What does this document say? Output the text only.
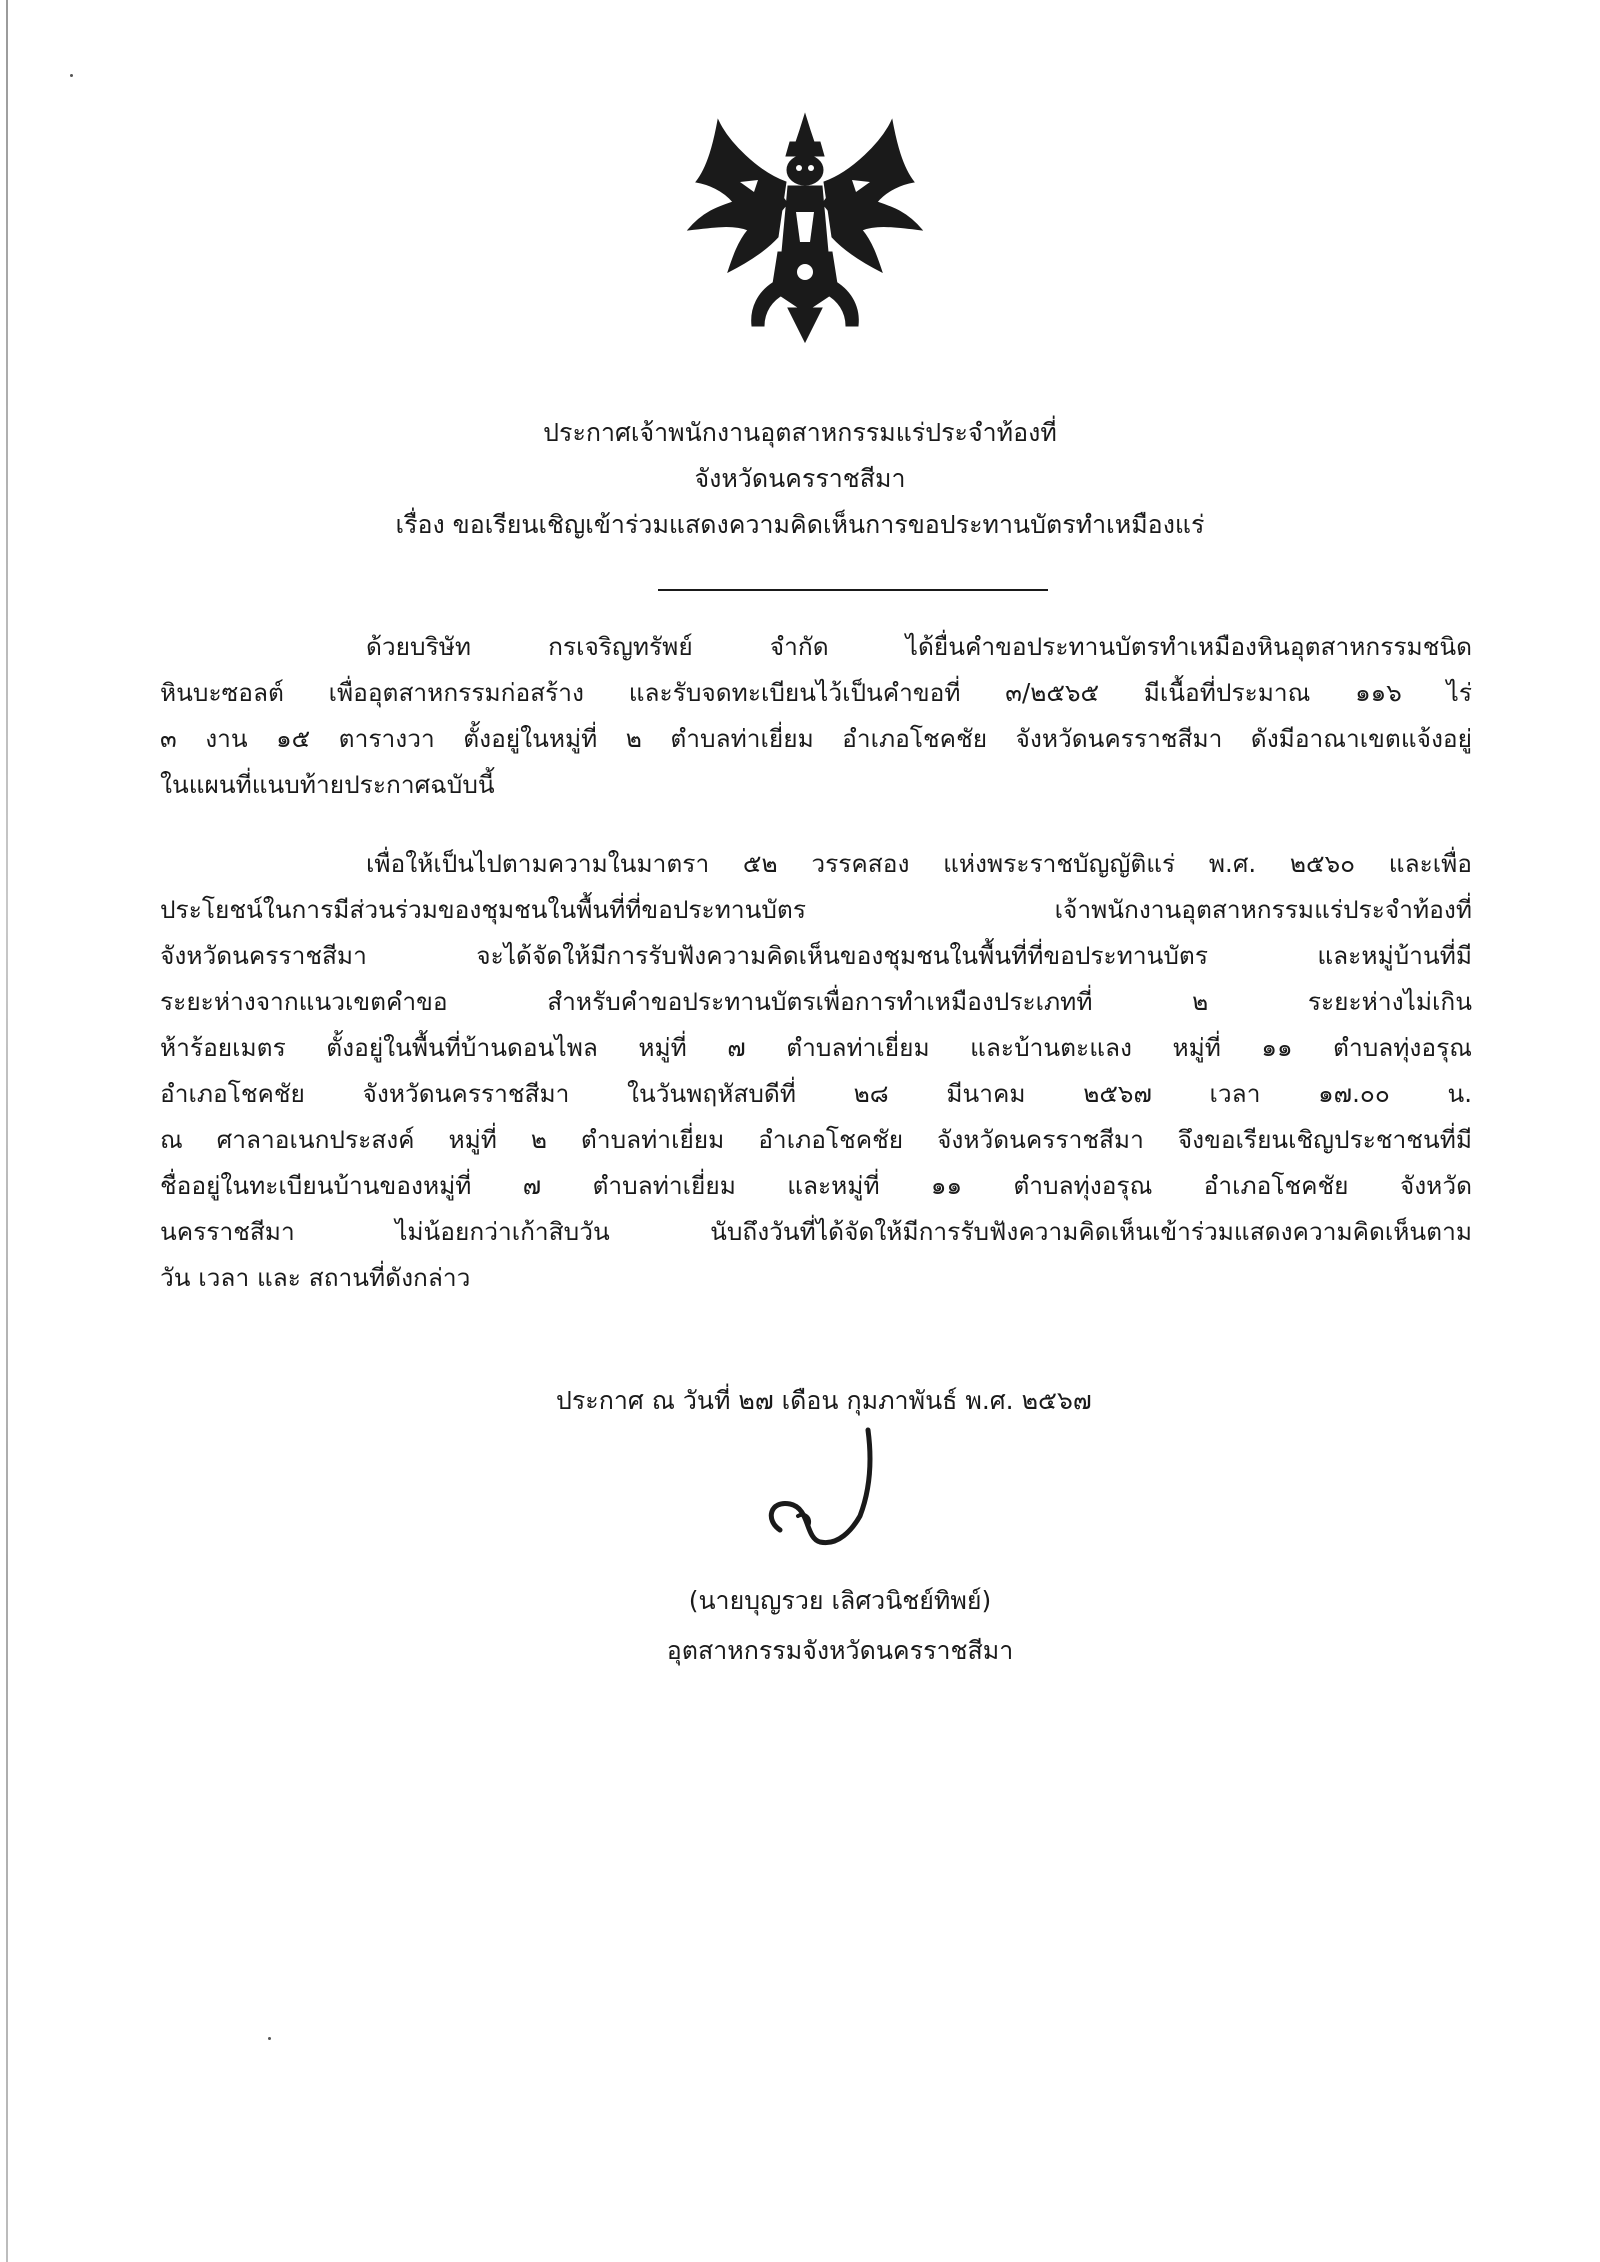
ประกาศเจ้าพนักงานอุตสาหกรรมแร่ประจำท้องที่
จังหวัดนครราชสีมา
เรื่อง ขอเรียนเชิญเข้าร่วมแสดงความคิดเห็นการขอประทานบัตรทำเหมืองแร่
ด้วยบริษัท กรเจริญทรัพย์ จำกัด ได้ยื่นคำขอประทานบัตรทำเหมืองหินอุตสาหกรรมชนิด
หินบะซอลต์ เพื่ออุตสาหกรรมก่อสร้าง และรับจดทะเบียนไว้เป็นคำขอที่ ๓/๒๕๖๕ มีเนื้อที่ประมาณ ๑๑๖ ไร่
๓ งาน ๑๕ ตารางวา ตั้งอยู่ในหมู่ที่ ๒ ตำบลท่าเยี่ยม อำเภอโชคชัย จังหวัดนครราชสีมา ดังมีอาณาเขตแจ้งอยู่
ในแผนที่แนบท้ายประกาศฉบับนี้
เพื่อให้เป็นไปตามความในมาตรา ๕๒ วรรคสอง แห่งพระราชบัญญัติแร่ พ.ศ. ๒๕๖๐ และเพื่อ
ประโยชน์ในการมีส่วนร่วมของชุมชนในพื้นที่ที่ขอประทานบัตร เจ้าพนักงานอุตสาหกรรมแร่ประจำท้องที่
จังหวัดนครราชสีมา จะได้จัดให้มีการรับฟังความคิดเห็นของชุมชนในพื้นที่ที่ขอประทานบัตร และหมู่บ้านที่มี
ระยะห่างจากแนวเขตคำขอ สำหรับคำขอประทานบัตรเพื่อการทำเหมืองประเภทที่ ๒ ระยะห่างไม่เกิน
ห้าร้อยเมตร ตั้งอยู่ในพื้นที่บ้านดอนไพล หมู่ที่ ๗ ตำบลท่าเยี่ยม และบ้านตะแลง หมู่ที่ ๑๑ ตำบลทุ่งอรุณ
อำเภอโชคชัย จังหวัดนครราชสีมา ในวันพฤหัสบดีที่ ๒๘ มีนาคม ๒๕๖๗ เวลา ๑๗.๐๐ น.
ณ ศาลาอเนกประสงค์ หมู่ที่ ๒ ตำบลท่าเยี่ยม อำเภอโชคชัย จังหวัดนครราชสีมา จึงขอเรียนเชิญประชาชนที่มี
ชื่ออยู่ในทะเบียนบ้านของหมู่ที่ ๗ ตำบลท่าเยี่ยม และหมู่ที่ ๑๑ ตำบลทุ่งอรุณ อำเภอโชคชัย จังหวัด
นครราชสีมา ไม่น้อยกว่าเก้าสิบวัน นับถึงวันที่ได้จัดให้มีการรับฟังความคิดเห็นเข้าร่วมแสดงความคิดเห็นตาม
วัน เวลา และ สถานที่ดังกล่าว
ประกาศ ณ วันที่ ๒๗ เดือน กุมภาพันธ์ พ.ศ. ๒๕๖๗
(นายบุญรวย เลิศวนิชย์ทิพย์)
อุตสาหกรรมจังหวัดนครราชสีมา
